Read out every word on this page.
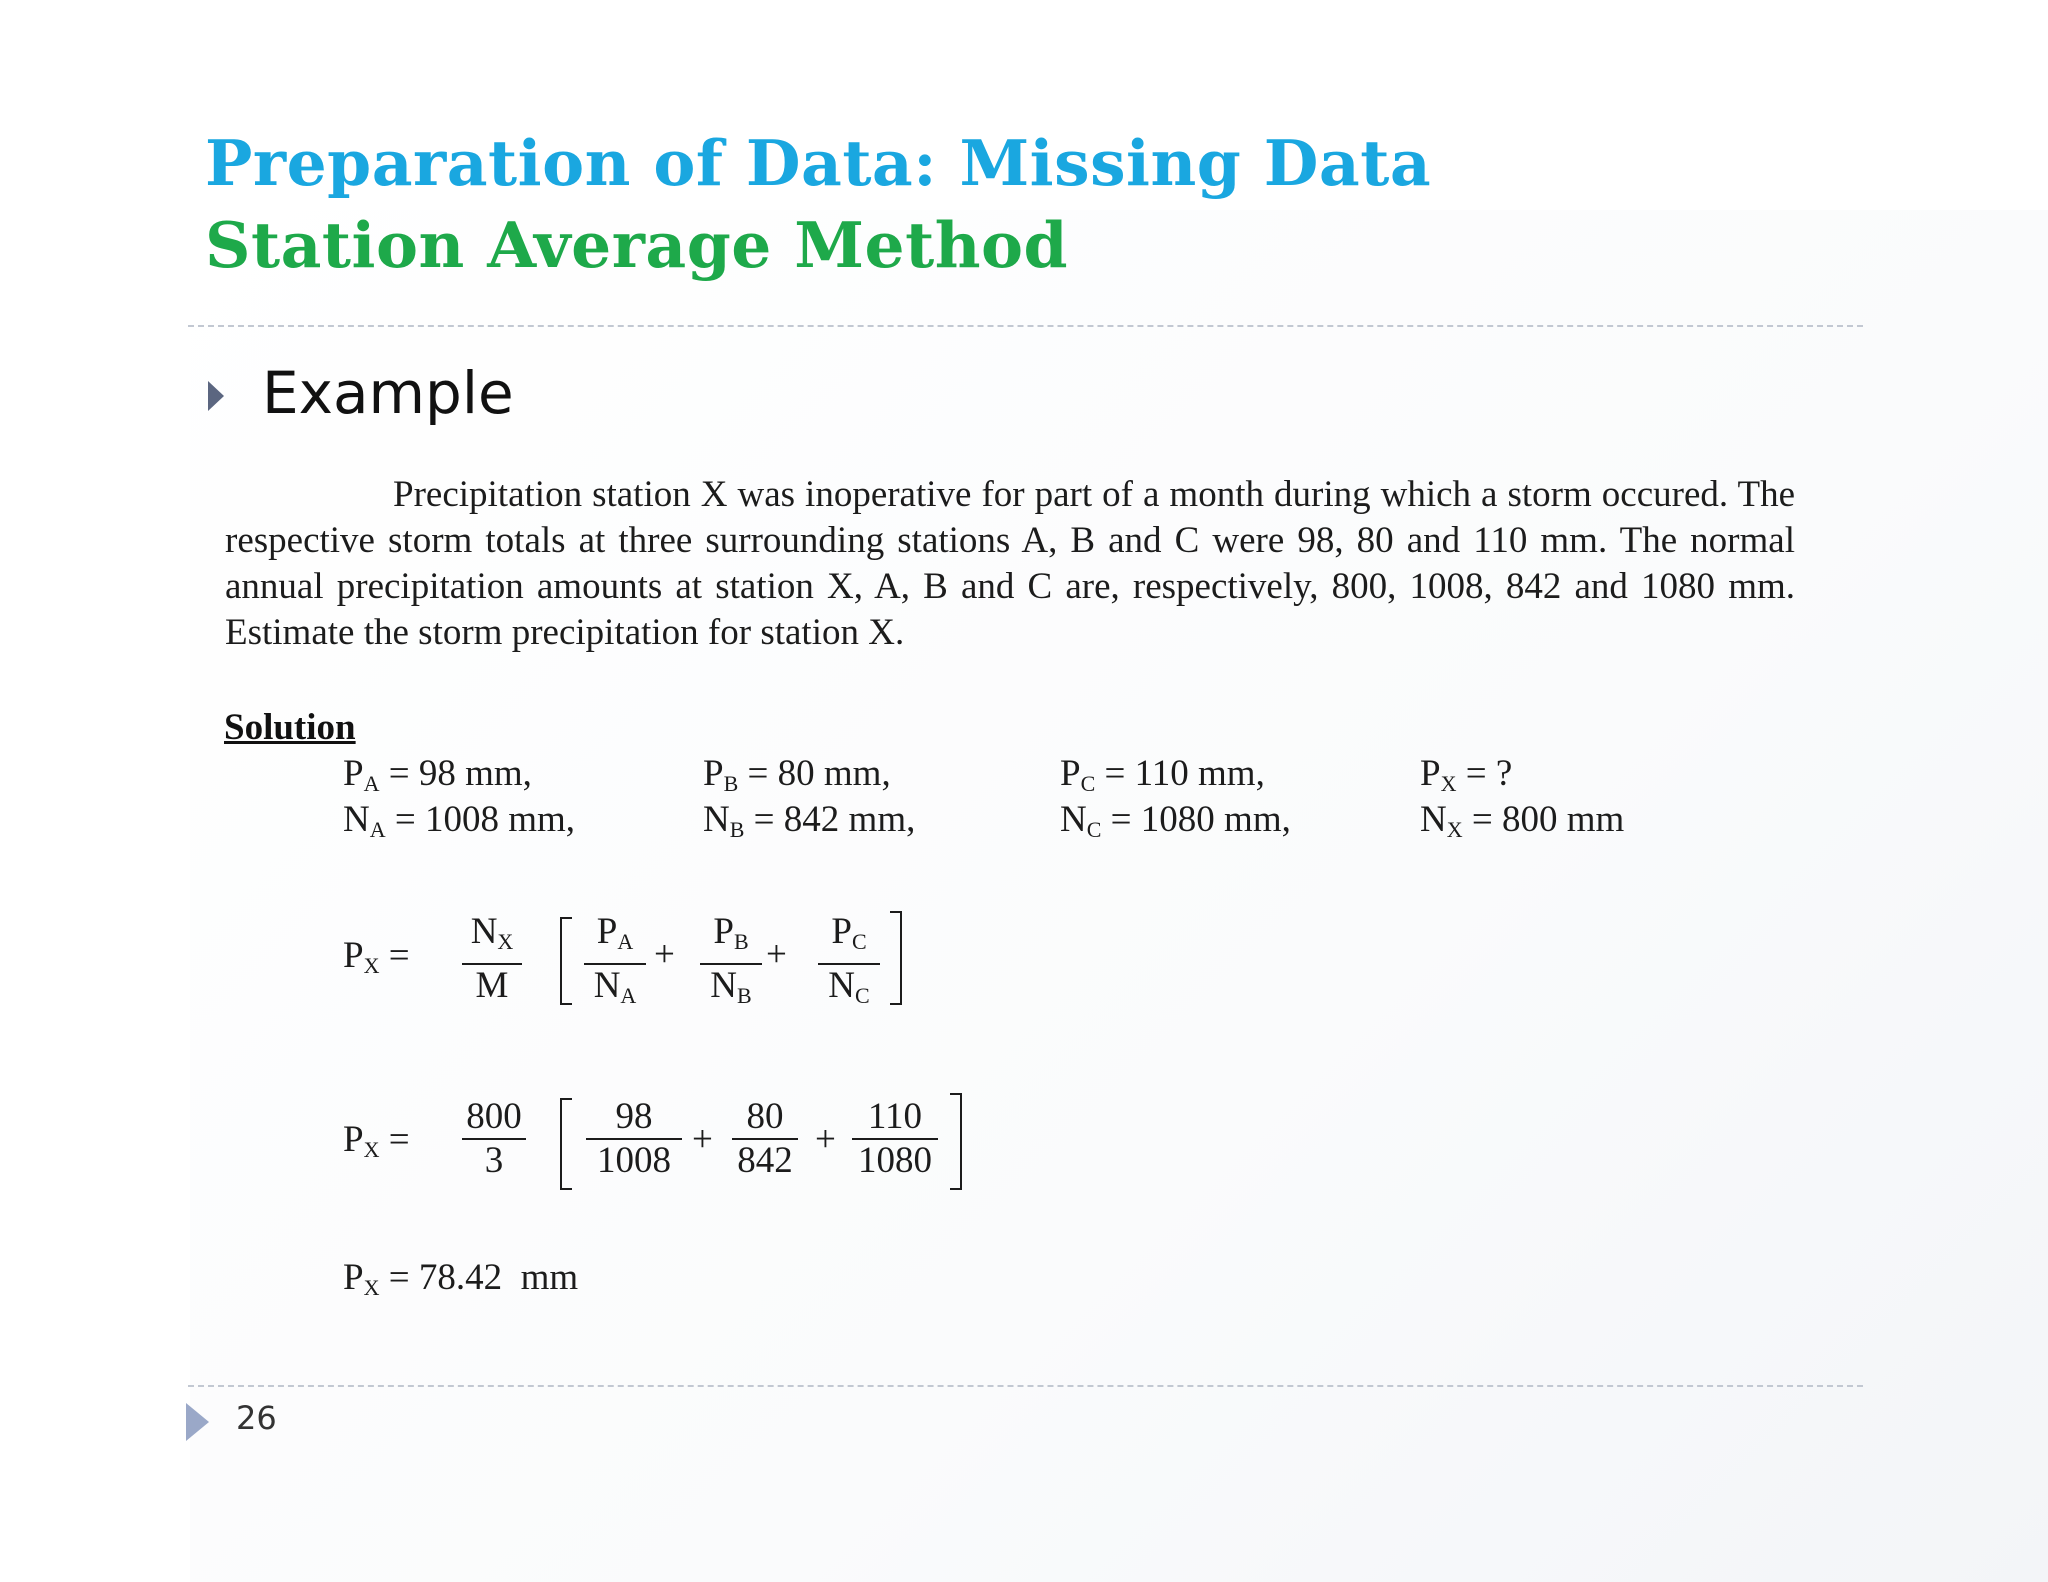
Preparation of Data: Missing Data
Station Average Method
Example
Precipitation station X was inoperative for part of a month during which a storm occured. The respective storm totals at three surrounding stations A, B and C were 98, 80 and 110 mm. The normal annual precipitation amounts at station X, A, B and C are, respectively, 800, 1008, 842 and 1080 mm. Estimate the storm precipitation for station X.
Solution
$P_A = 98$ mm,	$P_B = 80$ mm,	$P_C = 110$ mm,	$P_X$ = ?
$N_A = 1008$ mm,	$N_B = 842$ mm,	$N_C = 1080$ mm,	$N_X = 800$ mm
$P_X$ =
$N_X$
M
$P_A$
$N_A$
+
$P_B$
$N_B$
+
$P_C$
$N_C$
$P_X$ =
800
3
98
1008
+
80
842
+
110
1080
$P_X = 78.42$ mm
26
